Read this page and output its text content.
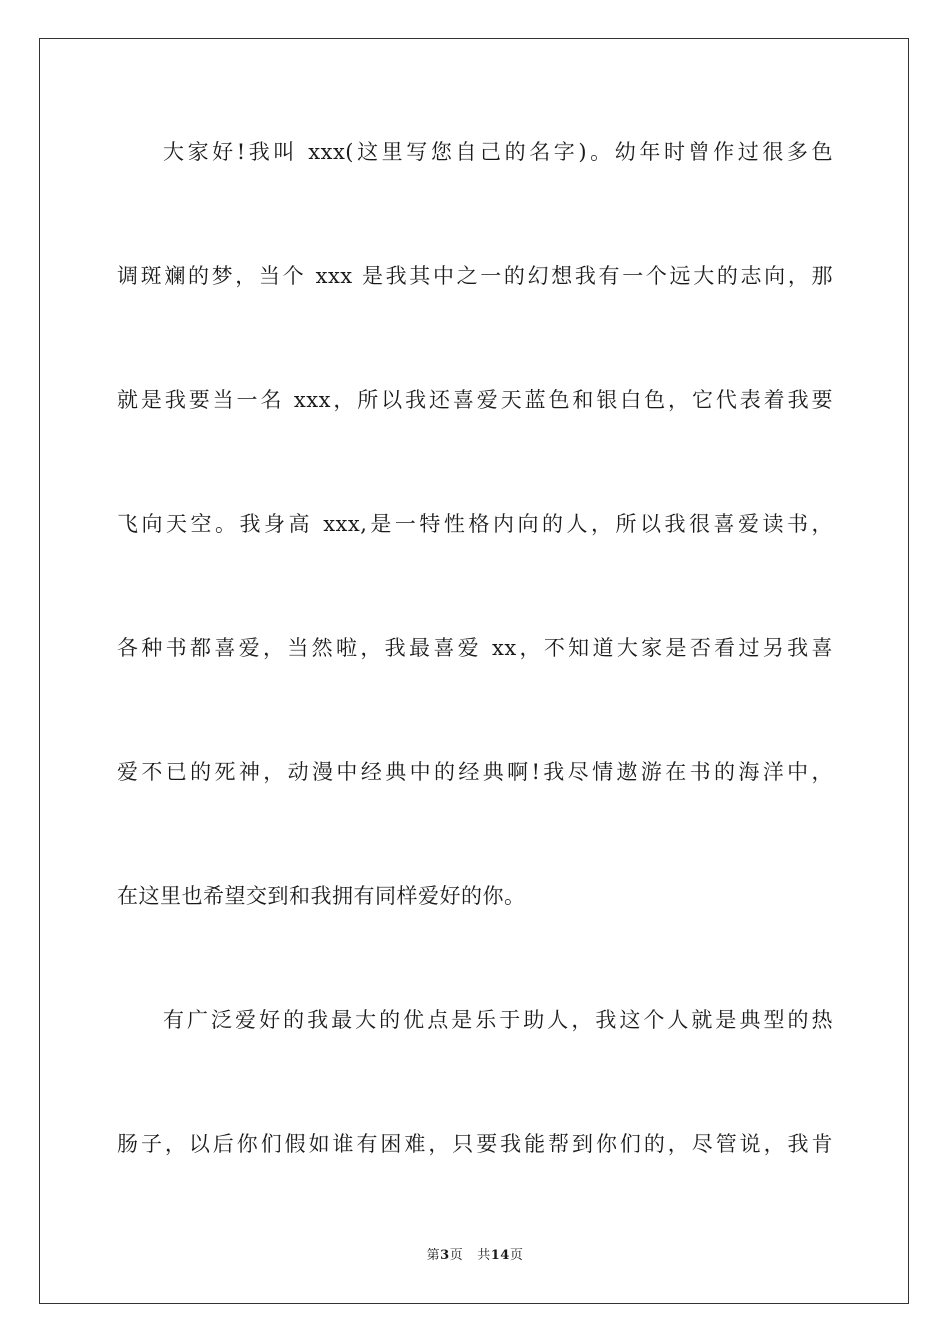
大家好!我叫 xxx(这里写您自己的名字)。幼年时曾作过很多色
调斑斓的梦，当个 xxx 是我其中之一的幻想我有一个远大的志向，那
就是我要当一名 xxx，所以我还喜爱天蓝色和银白色，它代表着我要
飞向天空。我身高 xxx,是一特性格内向的人，所以我很喜爱读书，
各种书都喜爱，当然啦，我最喜爱 xx，不知道大家是否看过另我喜
爱不已的死神，动漫中经典中的经典啊!我尽情遨游在书的海洋中，
在这里也希望交到和我拥有同样爱好的你。
有广泛爱好的我最大的优点是乐于助人，我这个人就是典型的热
肠子，以后你们假如谁有困难，只要我能帮到你们的，尽管说，我肯
第3页 共14页
